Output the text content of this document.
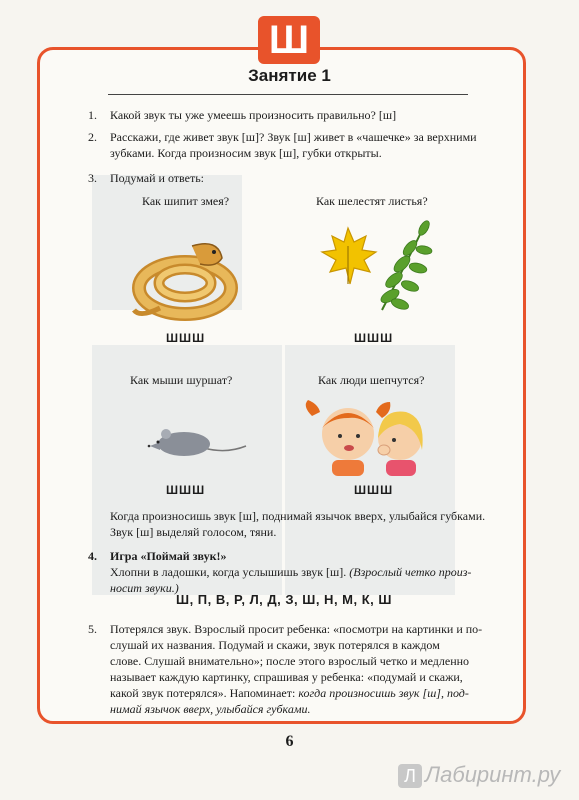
Ш
Занятие 1
1. Какой звук ты уже умеешь произносить правильно? [ш]
2. Расскажи, где живет звук [ш]? Звук [ш] живет в «чашечке» за верхними
зубками. Когда произносим звук [ш], губки открыты.
3. Подумай и ответь:
Как шипит змея?	Как шелестят листья?
ШШШ	ШШШ
Как мыши шуршат?	Как люди шепчутся?
ШШШ	ШШШ
Когда произносишь звук [ш], поднимай язычок вверх, улыбайся губками.
Звук [ш] выделяй голосом, тяни.
4. Игра «Поймай звук!»
Хлопни в ладошки, когда услышишь звук [ш]. (Взрослый четко произ-
носит звуки.)
Ш, П, В, Р, Л, Д, З, Ш, Н, М, К, Ш
5. Потерялся звук. Взрослый просит ребенка: «посмотри на картинки и по-
слушай их названия. Подумай и скажи, звук потерялся в каждом
слове. Слушай внимательно»; после этого взрослый четко и медленно
называет каждую картинку, спрашивая у ребенка: «подумай и скажи,
какой звук потерялся». Напоминает: когда произносишь звук [ш], под-
нимай язычок вверх, улыбайся губками.
6
Л Лабиринт.ру
